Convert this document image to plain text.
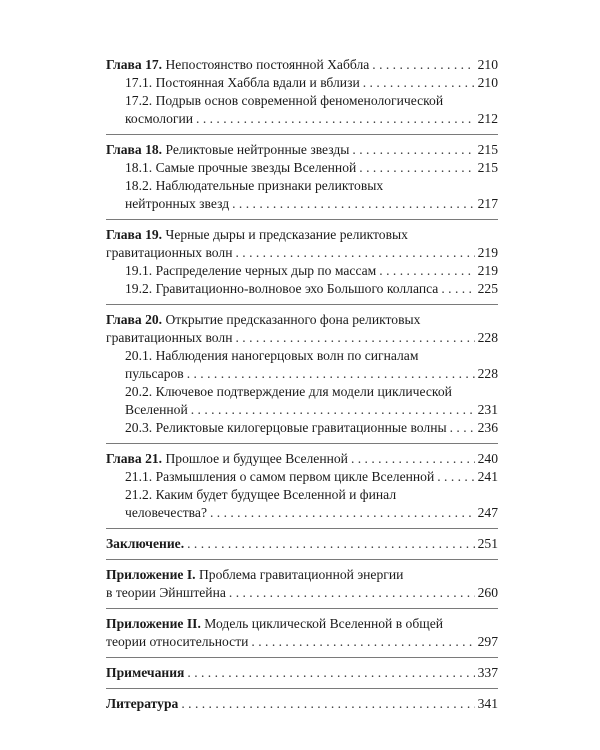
Глава 17. Непостоянство постоянной Хаббла . . .	210
17.1. Постоянная Хаббла вдали и вблизи . . .	210
17.2. Подрыв основ современной феноменологической
космологии . . .	212
Глава 18. Реликтовые нейтронные звезды . . .	215
18.1. Самые прочные звезды Вселенной . . .	215
18.2. Наблюдательные признаки реликтовых
нейтронных звезд . . .	217
Глава 19. Черные дыры и предсказание реликтовых
гравитационных волн . . .	219
19.1. Распределение черных дыр по массам . . .	219
19.2. Гравитационно-волновое эхо Большого коллапса . . .	225
Глава 20. Открытие предсказанного фона реликтовых
гравитационных волн . . .	228
20.1. Наблюдения наногерцовых волн по сигналам
пульсаров . . .	228
20.2. Ключевое подтверждение для модели циклической
Вселенной . . .	231
20.3. Реликтовые килогерцовые гравитационные волны . . . 236
Глава 21. Прошлое и будущее Вселенной . . .	240
21.1. Размышления о самом первом цикле Вселенной . . .	241
21.2. Каким будет будущее Вселенной и финал
человечества? . . .	247
Заключение. . . .	251
Приложение I. Проблема гравитационной энергии
в теории Эйнштейна . . .	260
Приложение II. Модель циклической Вселенной в общей
теории относительности . . .	297
Примечания . . .	337
Литература . . .	341
